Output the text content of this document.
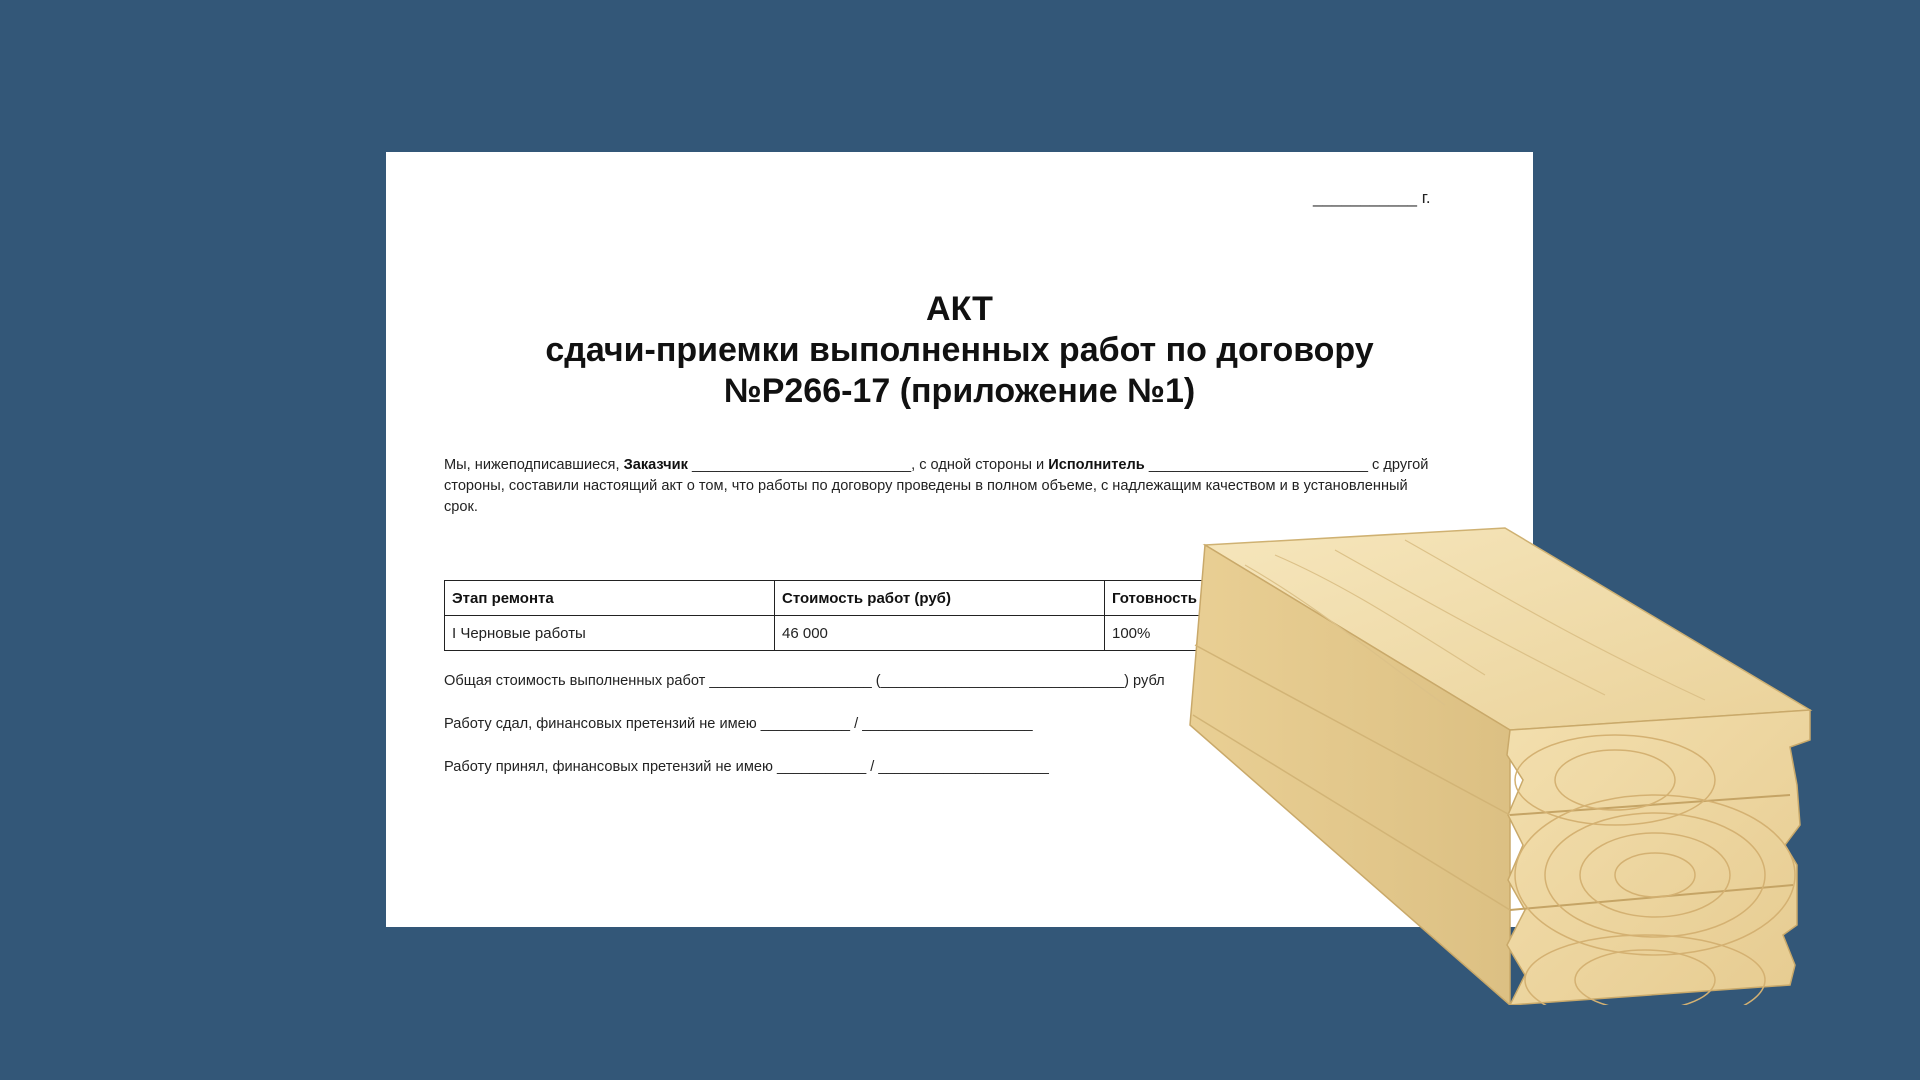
___________ г.
АКТ
сдачи-приемки выполненных работ по договору
№Р266-17 (приложение №1)
Мы, нижеподписавшиеся, Заказчик ___________________________, с одной стороны и Исполнитель ___________________________ с другой стороны, составили настоящий акт о том, что работы по договору проведены в полном объеме, с надлежащим качеством и в установленный срок.
Этап ремонта	Стоимость работ (руб)	Готовность
I Черновые работы	46 000	100%
Общая стоимость выполненных работ ____________________ (______________________________) рубл
Работу сдал, финансовых претензий не имею ___________ / _____________________
Работу принял, финансовых претензий не имею ___________ / _____________________
